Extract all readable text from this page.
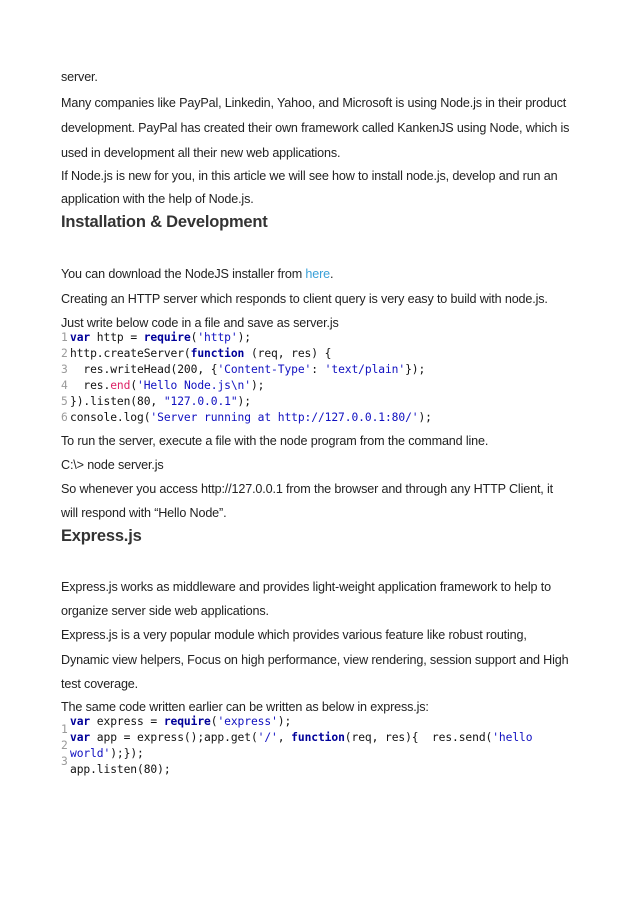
server.
Many companies like PayPal, Linkedin, Yahoo, and Microsoft is using Node.js in their product
development. PayPal has created their own framework called KankenJS using Node, which is
used in development all their new web applications.
If Node.js is new for you, in this article we will see how to install node.js, develop and run an
application with the help of Node.js.
Installation & Development
You can download the NodeJS installer from here.
Creating an HTTP server which responds to client query is very easy to build with node.js.
Just write below code in a file and save as server.js
1 var http = require('http');
2 http.createServer(function (req, res) {
3  res.writeHead(200, {'Content-Type': 'text/plain'});
4  res.end('Hello Node.js\n');
5 }).listen(80, "127.0.0.1");
6 console.log('Server running at http://127.0.0.1:80/');
To run the server, execute a file with the node program from the command line.
C:\> node server.js
So whenever you access http://127.0.0.1 from the browser and through any HTTP Client, it
will respond with “Hello Node”.
Express.js
Express.js works as middleware and provides light-weight application framework to help to
organize server side web applications.
Express.js is a very popular module which provides various feature like robust routing,
Dynamic view helpers, Focus on high performance, view rendering, session support and High
test coverage.
The same code written earlier can be written as below in express.js:
1
2
3
var express = require('express');
var app = express();app.get('/', function(req, res){  res.send('hello
world');});
app.listen(80);
